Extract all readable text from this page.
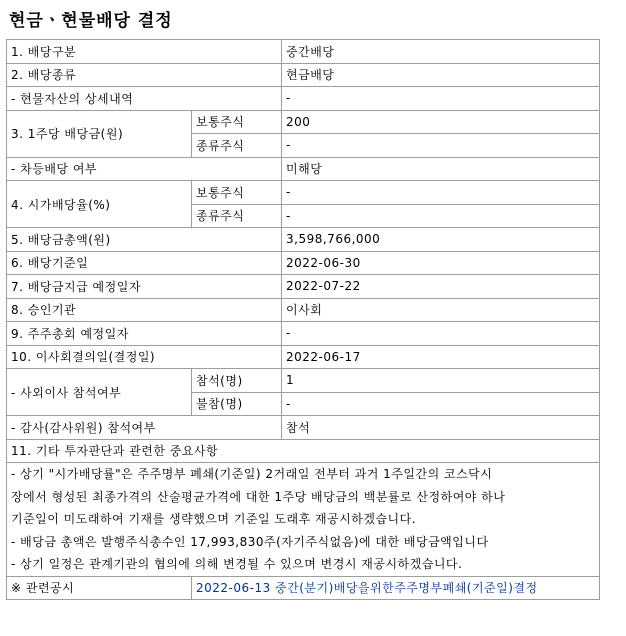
현금ㆍ현물배당 결정
1. 배당구분		중간배당
2. 배당종류		현금배당
- 현물자산의 상세내역		-
3. 1주당 배당금(원)	보통주식	200
	종류주식	-
- 차등배당 여부		미해당
4. 시가배당율(%)	보통주식	-
	종류주식	-
5. 배당금총액(원)		3,598,766,000
6. 배당기준일		2022-06-30
7. 배당금지급 예정일자		2022-07-22
8. 승인기관		이사회
9. 주주총회 예정일자		-
10. 이사회결의일(결정일)		2022-06-17
- 사외이사 참석여부	참석(명)	1
	불참(명)	-
- 감사(감사위원) 참석여부		참석
11. 기타 투자판단과 관련한 중요사항		

- 상기 "시가배당률"은 주주명부 폐쇄(기준일) 2거래일 전부터 과거 1주일간의 코스닥시
장에서 형성된 최종가격의 산술평균가격에 대한 1주당 배당금의 백분률로 산정하여야 하나
기준일이 미도래하여 기재를 생략했으며 기준일 도래후 재공시하겠습니다.
- 배당금 총액은 발행주식총수인 17,993,830주(자기주식없음)에 대한 배당금액입니다
- 상기 일정은 관계기관의 협의에 의해 변경될 수 있으며 변경시 재공시하겠습니다.		

※ 관련공시	2022-06-13 중간(분기)배당을위한주주명부폐쇄(기준일)결정	
